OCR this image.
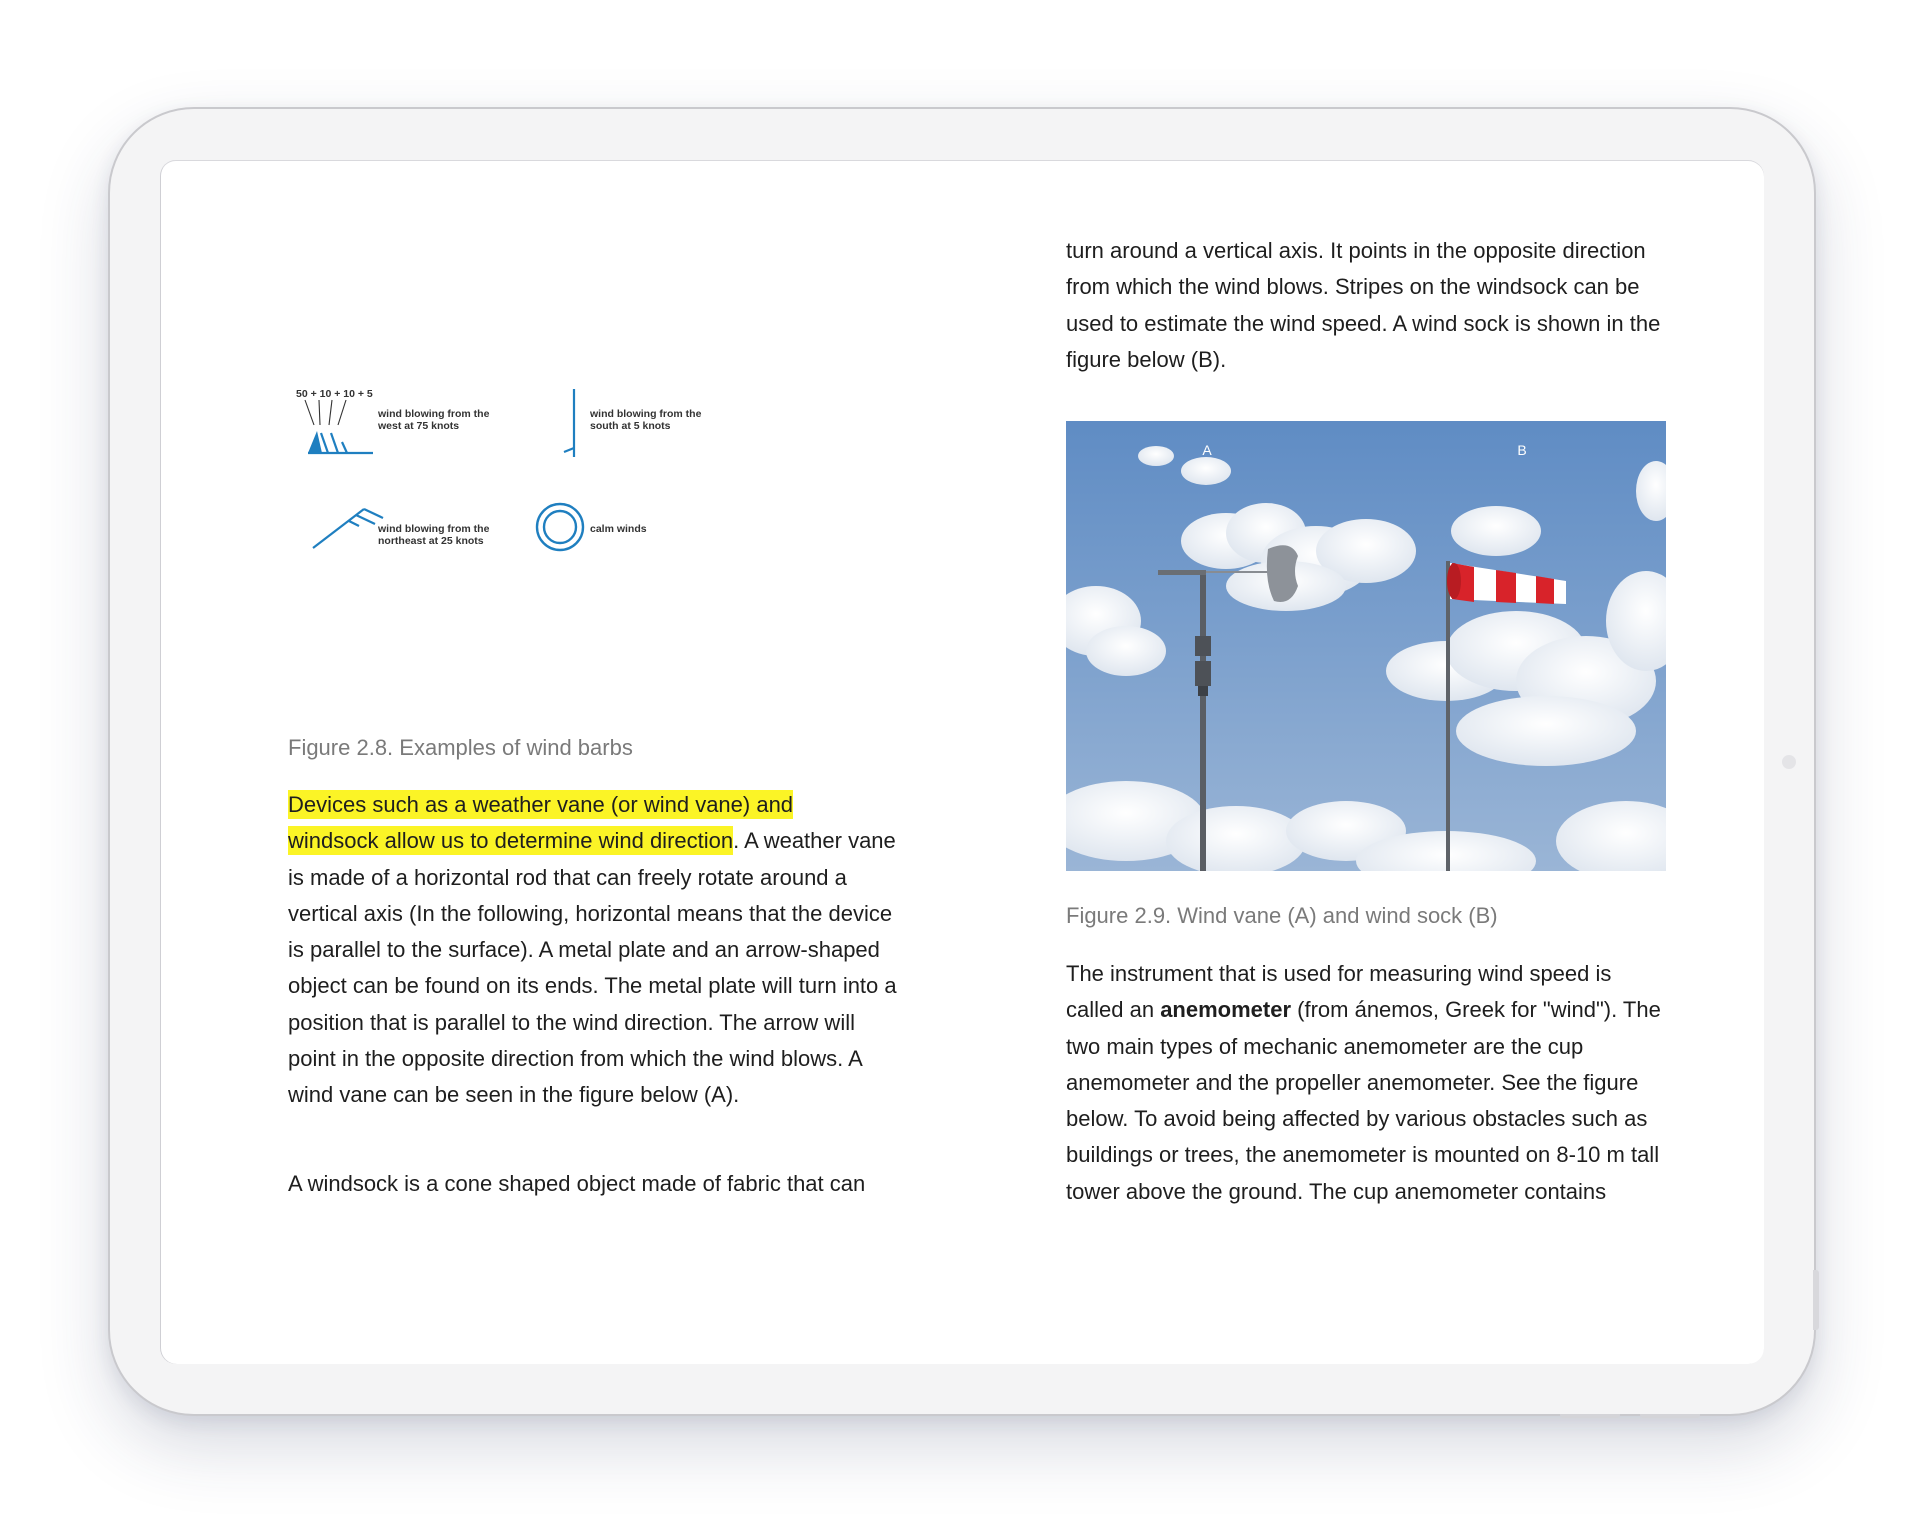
50 + 10 + 10 + 5
wind blowing from the
west at 75 knots
wind blowing from the
south at 5 knots
wind blowing from the
northeast at 25 knots
calm winds

Figure 2.8. Examples of wind barbs

Devices such as a weather vane (or wind vane) and
windsock allow us to determine wind direction. A weather vane is made of a horizontal rod that can freely rotate around a vertical axis (In the following, horizontal means that the device is parallel to the surface). A metal plate and an arrow-shaped object can be found on its ends. The metal plate will turn into a position that is parallel to the wind direction. The arrow will point in the opposite direction from which the wind blows. A wind vane can be seen in the figure below (A).

A windsock is a cone shaped object made of fabric that can

turn around a vertical axis. It points in the opposite direction from which the wind blows. Stripes on the windsock can be used to estimate the wind speed. A wind sock is shown in the figure below (B).

A	B

Figure 2.9. Wind vane (A) and wind sock (B)

The instrument that is used for measuring wind speed is called an anemometer (from ánemos, Greek for "wind"). The two main types of mechanic anemometer are the cup anemometer and the propeller anemometer. See the figure below. To avoid being affected by various obstacles such as buildings or trees, the anemometer is mounted on 8-10 m tall tower above the ground. The cup anemometer contains
